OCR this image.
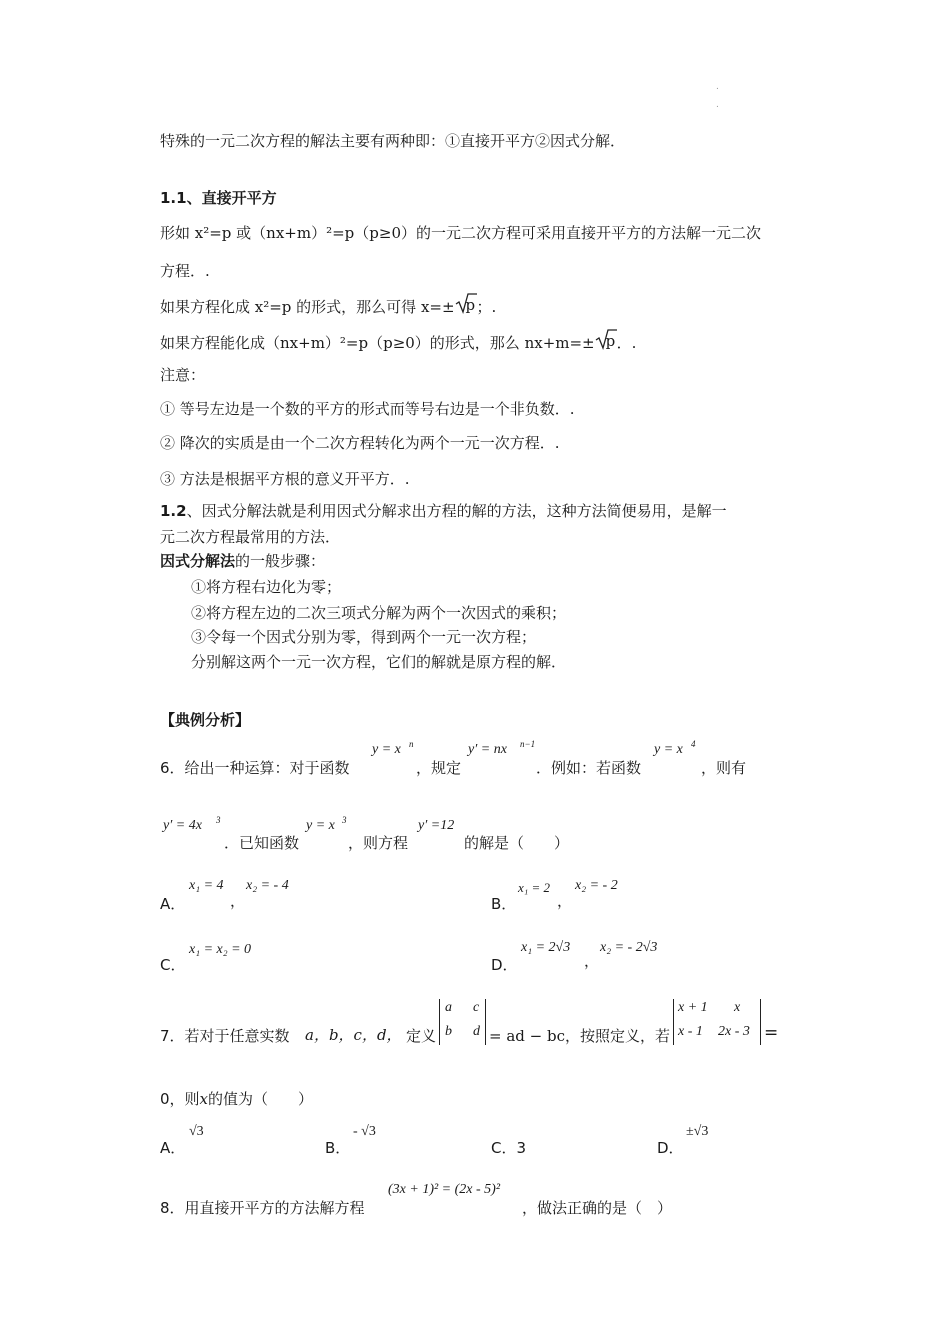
.
.
特殊的一元二次方程的解法主要有两种即：①直接开平方②因式分解．
1.1、直接开平方
形如 x²=p 或（nx+m）²=p（p≥0）的一元二次方程可采用直接开平方的方法解一元二次
方程．.
如果方程化成 x²=p 的形式，那么可得 x=± p ；.
如果方程能化成（nx+m）²=p（p≥0）的形式，那么 nx+m=± p ．.
注意：
① 等号左边是一个数的平方的形式而等号右边是一个非负数．.
② 降次的实质是由一个二次方程转化为两个一元一次方程．.
③ 方法是根据平方根的意义开平方．.
1.2、因式分解法就是利用因式分解求出方程的解的方法，这种方法简便易用，是解一
元二次方程最常用的方法．
因式分解法的一般步骤：
①将方程右边化为零；
②将方程左边的二次三项式分解为两个一次因式的乘积；
③令每一个因式分别为零，得到两个一元一次方程；
分别解这两个一元一次方程，它们的解就是原方程的解．
【典例分析】
6．给出一种运算：对于函数
y = x n
，规定
y′ = nx n−1
．例如：若函数
y = x 4
，则有
y′ = 4x 3
．已知函数
y = x 3
，则方程
y′ =12
的解是（　　）
A．
x₁ = 4
，
x₂ = - 4
B．
x₁ = 2
，
x₂ = - 2
C．
x₁ = x₂ = 0
D．
x₁ = 2√3
，
x₂ = - 2√3
7．若对于任意实数 a，b，c，d， 定义
a c
b d = ad − bc，按照定义，若
x + 1 x
x - 1 2x - 3 =
0，则x的值为（　　）
A．
√3
B．
- √3
C．3	D．
±√3
8．用直接开平方的方法解方程
(3x + 1)² = (2x - 5)²
，做法正确的是（　）
